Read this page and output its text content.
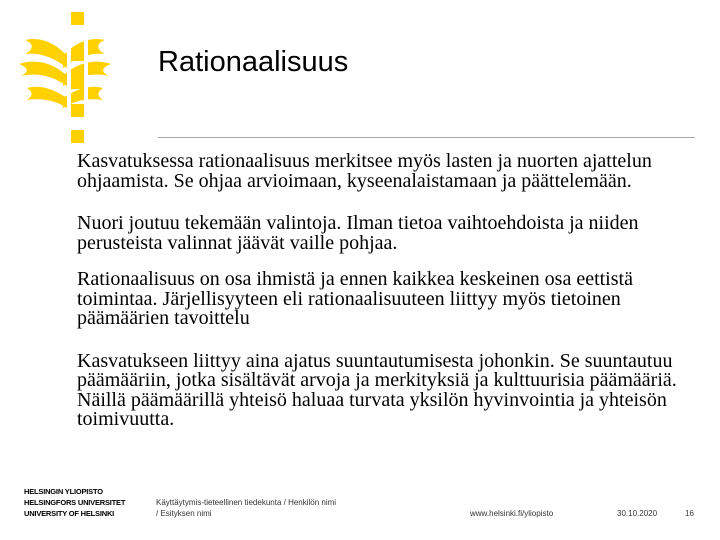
Rationaalisuus

Kasvatuksessa rationaalisuus merkitsee myös lasten ja nuorten ajattelun ohjaamista. Se ohjaa arvioimaan, kyseenalaistamaan ja päättelemään.

Nuori joutuu tekemään valintoja. Ilman tietoa vaihtoehdoista ja niiden perusteista valinnat jäävät vaille pohjaa.

Rationaalisuus on osa ihmistä ja ennen kaikkea keskeinen osa eettistä toimintaa. Järjellisyyteen eli rationaalisuuteen liittyy myös tietoinen päämäärien tavoittelu

Kasvatukseen liittyy aina ajatus suuntautumisesta johonkin. Se suuntautuu päämääriin, jotka sisältävät arvoja ja merkityksiä ja kulttuurisia päämääriä. Näillä päämäärillä yhteisö haluaa turvata yksilön hyvinvointia ja yhteisön toimivuutta.

HELSINGIN YLIOPISTO
HELSINGFORS UNIVERSITET
UNIVERSITY OF HELSINKI
Käyttäytymis-tieteellinen tiedekunta / Henkilön nimi
/ Esityksen nimi	www.helsinki.fi/yliopisto	30.10.2020	16
